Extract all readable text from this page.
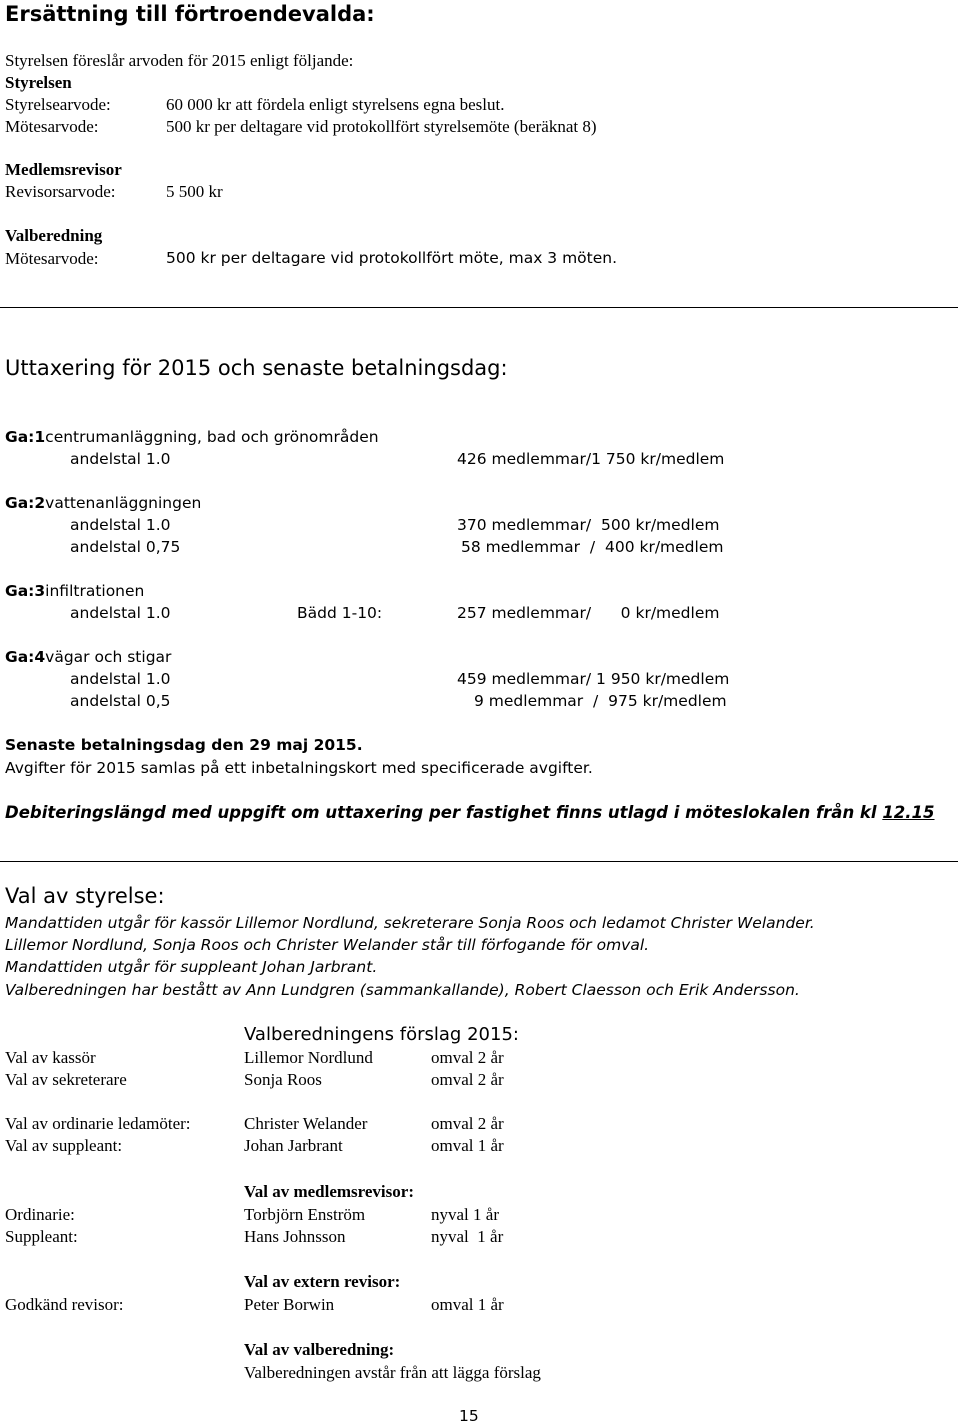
Ersättning till förtroendevalda:
Styrelsen föreslår arvoden för 2015 enligt följande:
Styrelsen
Styrelsearvode:	60 000 kr att fördela enligt styrelsens egna beslut.
Mötesarvode:	500 kr per deltagare vid protokollfört styrelsemöte (beräknat 8)
Medlemsrevisor
Revisorsarvode:	5 500 kr
Valberedning
Mötesarvode:	500 kr per deltagare vid protokollfört möte, max 3 möten.
Uttaxering för 2015 och senaste betalningsdag:
Ga:1centrumanläggning, bad och grönområden
andelstal 1.0	426 medlemmar/1 750 kr/medlem
Ga:2vattenanläggningen
andelstal 1.0	370 medlemmar/  500 kr/medlem
andelstal 0,75	58 medlemmar  /  400 kr/medlem
Ga:3infiltrationen
andelstal 1.0	Bädd 1-10:	257 medlemmar/      0 kr/medlem
Ga:4vägar och stigar
andelstal 1.0	459 medlemmar/ 1 950 kr/medlem
andelstal 0,5	9 medlemmar  /  975 kr/medlem
Senaste betalningsdag den 29 maj 2015.
Avgifter för 2015 samlas på ett inbetalningskort med specificerade avgifter.
Debiteringslängd med uppgift om uttaxering per fastighet finns utlagd i möteslokalen från kl 12.15
Val av styrelse:
Mandattiden utgår för kassör Lillemor Nordlund, sekreterare Sonja Roos och ledamot Christer Welander.
Lillemor Nordlund, Sonja Roos och Christer Welander står till förfogande för omval.
Mandattiden utgår för suppleant Johan Jarbrant.
Valberedningen har bestått av Ann Lundgren (sammankallande), Robert Claesson och Erik Andersson.
Valberedningens förslag 2015:
Val av kassör	Lillemor Nordlund	omval 2 år
Val av sekreterare	Sonja Roos	omval 2 år
Val av ordinarie ledamöter:	Christer Welander	omval 2 år
Val av suppleant:	Johan Jarbrant	omval 1 år
Val av medlemsrevisor:
Ordinarie:	Torbjörn Enström	nyval 1 år
Suppleant:	Hans Johnsson	nyval  1 år
Val av extern revisor:
Godkänd revisor:	Peter Borwin	omval 1 år
Val av valberedning:
Valberedningen avstår från att lägga förslag
15
